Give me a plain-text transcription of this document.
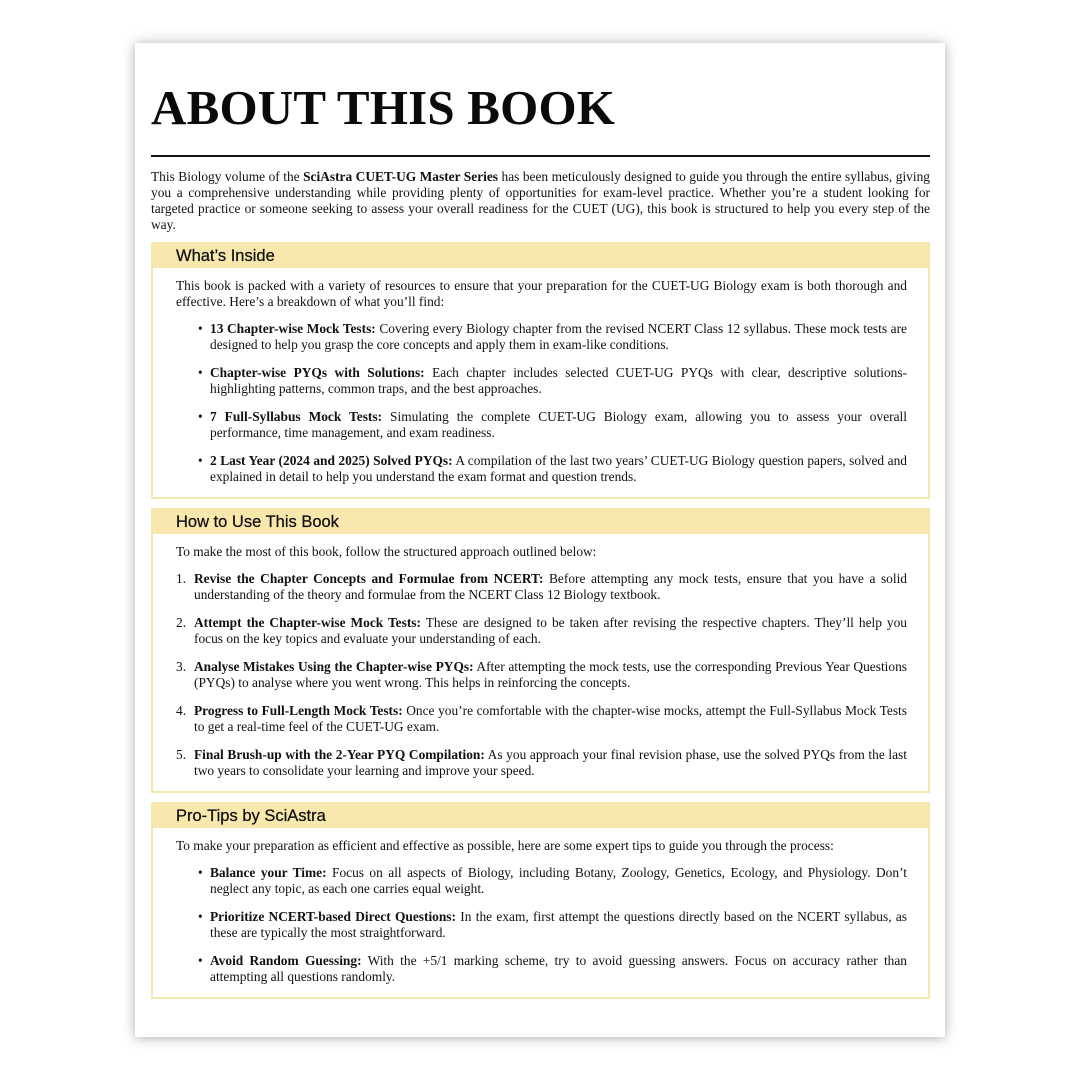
ABOUT THIS BOOK

This Biology volume of the SciAstra CUET-UG Master Series has been meticulously designed to guide you through the entire syllabus, giving you a comprehensive understanding while providing plenty of opportunities for exam-level practice. Whether you’re a student looking for targeted practice or someone seeking to assess your overall readiness for the CUET (UG), this book is structured to help you every step of the way.

What’s Inside

This book is packed with a variety of resources to ensure that your preparation for the CUET-UG Biology exam is both thorough and effective. Here’s a breakdown of what you’ll find:

• 13 Chapter-wise Mock Tests: Covering every Biology chapter from the revised NCERT Class 12 syllabus. These mock tests are designed to help you grasp the core concepts and apply them in exam-like conditions.
• Chapter-wise PYQs with Solutions: Each chapter includes selected CUET-UG PYQs with clear, descriptive solutions-highlighting patterns, common traps, and the best approaches.
• 7 Full-Syllabus Mock Tests: Simulating the complete CUET-UG Biology exam, allowing you to assess your overall performance, time management, and exam readiness.
• 2 Last Year (2024 and 2025) Solved PYQs: A compilation of the last two years’ CUET-UG Biology question papers, solved and explained in detail to help you understand the exam format and question trends.
How to Use This Book

To make the most of this book, follow the structured approach outlined below:

1. Revise the Chapter Concepts and Formulae from NCERT: Before attempting any mock tests, ensure that you have a solid understanding of the theory and formulae from the NCERT Class 12 Biology textbook.
2. Attempt the Chapter-wise Mock Tests: These are designed to be taken after revising the respective chapters. They’ll help you focus on the key topics and evaluate your understanding of each.
3. Analyse Mistakes Using the Chapter-wise PYQs: After attempting the mock tests, use the corresponding Previous Year Questions (PYQs) to analyse where you went wrong. This helps in reinforcing the concepts.
4. Progress to Full-Length Mock Tests: Once you’re comfortable with the chapter-wise mocks, attempt the Full-Syllabus Mock Tests to get a real-time feel of the CUET-UG exam.
5. Final Brush-up with the 2-Year PYQ Compilation: As you approach your final revision phase, use the solved PYQs from the last two years to consolidate your learning and improve your speed.
Pro-Tips by SciAstra

To make your preparation as efficient and effective as possible, here are some expert tips to guide you through the process:

• Balance your Time: Focus on all aspects of Biology, including Botany, Zoology, Genetics, Ecology, and Physiology. Don’t neglect any topic, as each one carries equal weight.
• Prioritize NCERT-based Direct Questions: In the exam, first attempt the questions directly based on the NCERT syllabus, as these are typically the most straightforward.
• Avoid Random Guessing: With the +5/1 marking scheme, try to avoid guessing answers. Focus on accuracy rather than attempting all questions randomly.
